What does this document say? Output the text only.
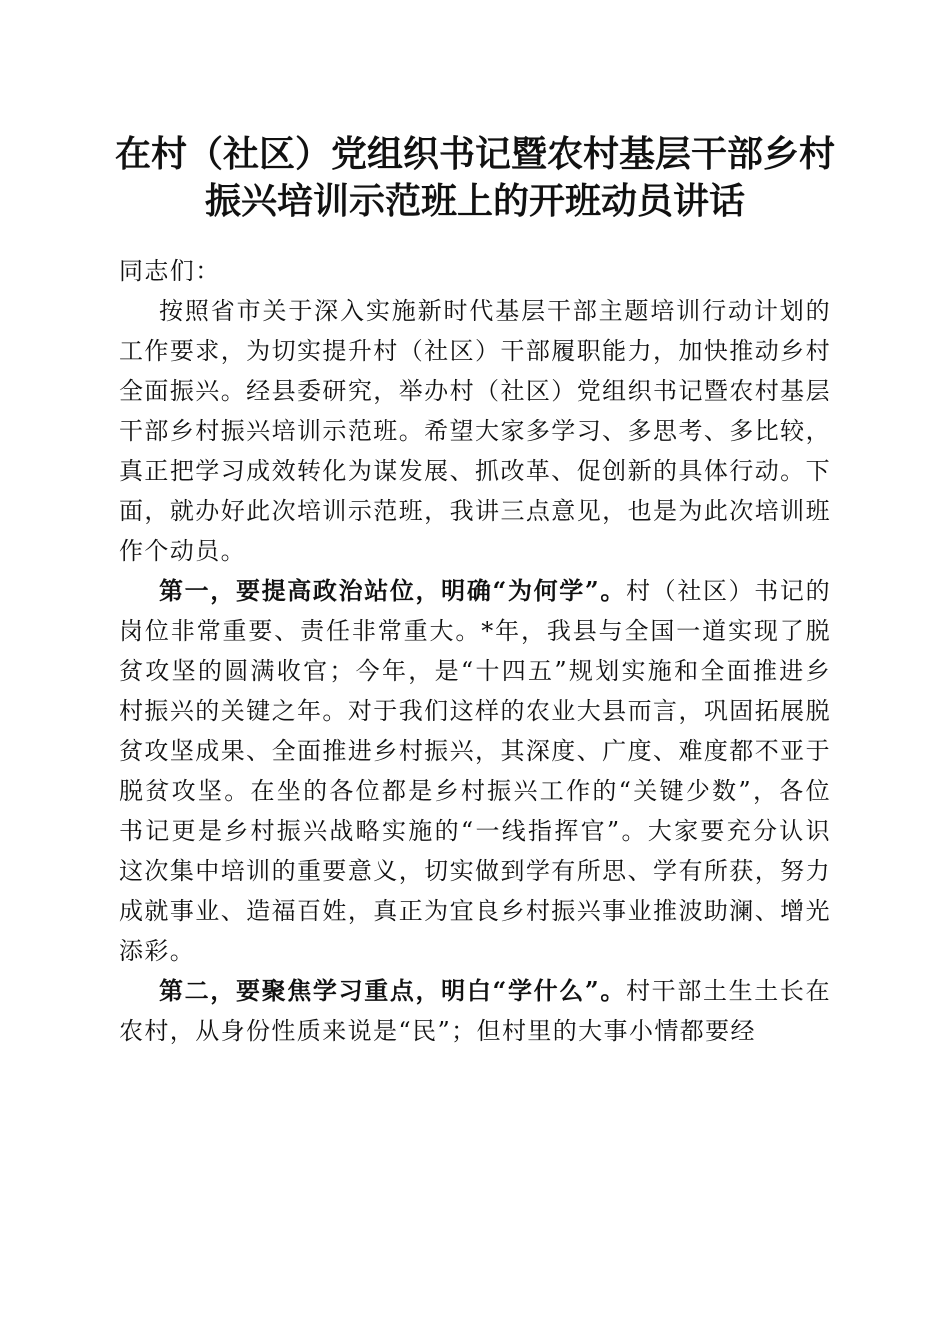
在村（社区）党组织书记暨农村基层干部乡村
振兴培训示范班上的开班动员讲话

同志们：

按照省市关于深入实施新时代基层干部主题培训行动计划的工作要求，为切实提升村（社区）干部履职能力，加快推动乡村全面振兴。经县委研究，举办村（社区）党组织书记暨农村基层干部乡村振兴培训示范班。希望大家多学习、多思考、多比较，真正把学习成效转化为谋发展、抓改革、促创新的具体行动。下面，就办好此次培训示范班，我讲三点意见，也是为此次培训班作个动员。

第一，要提高政治站位，明确“为何学”。村（社区）书记的岗位非常重要、责任非常重大。*年，我县与全国一道实现了脱贫攻坚的圆满收官；今年，是“十四五”规划实施和全面推进乡村振兴的关键之年。对于我们这样的农业大县而言，巩固拓展脱贫攻坚成果、全面推进乡村振兴，其深度、广度、难度都不亚于脱贫攻坚。在坐的各位都是乡村振兴工作的“关键少数”，各位书记更是乡村振兴战略实施的“一线指挥官”。大家要充分认识这次集中培训的重要意义，切实做到学有所思、学有所获，努力成就事业、造福百姓，真正为宜良乡村振兴事业推波助澜、增光添彩。

第二，要聚焦学习重点，明白“学什么”。村干部土生土长在农村，从身份性质来说是“民”；但村里的大事小情都要经
